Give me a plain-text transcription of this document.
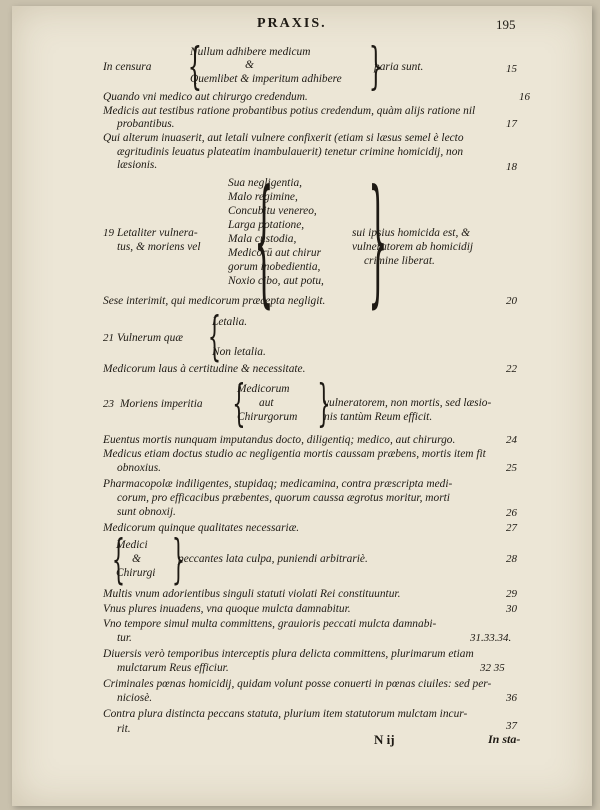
PRAXIS.	195
In censura {
Nullum adhibere medicum
&
Quemlibet & imperitum adhibere }
paria sunt.	15
Quando vni medico aut chirurgo credendum.	16
Medicis aut testibus ratione probantibus potius credendum, quàm alijs ratione nil
probantibus.	17
Qui alterum inuaserit, aut letali vulnere confixerit (etiam si læsus semel è lecto
ægritudinis leuatus plateatim inambulauerit) tenetur crimine homicidij, non
læsionis.	18
19 Letaliter vulnera-
tus, & moriens vel {
Sua negligentia,
Malo regimine,
Concubitu venereo,
Larga potatione,
Mala custodia,
Medicorū aut chirur
gorum inobedientia,
Noxio cibo, aut potu, }
sui ipsius homicida est, &
vulneratorem ab homicidij
crimine liberat.
Sese interimit, qui medicorum præcepta negligit.	20
21 Vulnerum quæ {
Letalia.
Non letalia.
Medicorum laus à certitudine & necessitate.	22
23 Moriens imperitia {
Medicorum
aut
Chirurgorum }
vulneratorem, non mortis, sed læsio-
nis tantùm Reum efficit.
Euentus mortis nunquam imputandus docto, diligentiq; medico, aut chirurgo.	24
Medicus etiam doctus studio ac negligentia mortis caussam præbens, mortis item fit
obnoxius.	25
Pharmacopolæ indiligentes, stupidaq; medicamina, contra præscripta medi-
corum, pro efficacibus præbentes, quorum caussa ægrotus moritur, morti
sunt obnoxij.	26
Medicorum quinque qualitates necessariæ.	27
{
Medici
&
Chirurgi }
peccantes lata culpa, puniendi arbitrariè.	28
Multis vnum adorientibus singuli statuti violati Rei constituuntur.	29
Vnus plures inuadens, vna quoque mulcta damnabitur.	30
Vno tempore simul multa committens, grauioris peccati mulcta damnabi-
tur.	31.33.34.
Diuersis verò temporibus interceptis plura delicta committens, plurimarum etiam
mulctarum Reus efficiur.	32 35
Criminales pœnas homicidij, quidam volunt posse conuerti in pœnas ciuiles: sed per-
niciosè.	36
Contra plura distincta peccans statuta, plurium item statutorum mulctam incur-
rit.	37
N ij	In sta-
